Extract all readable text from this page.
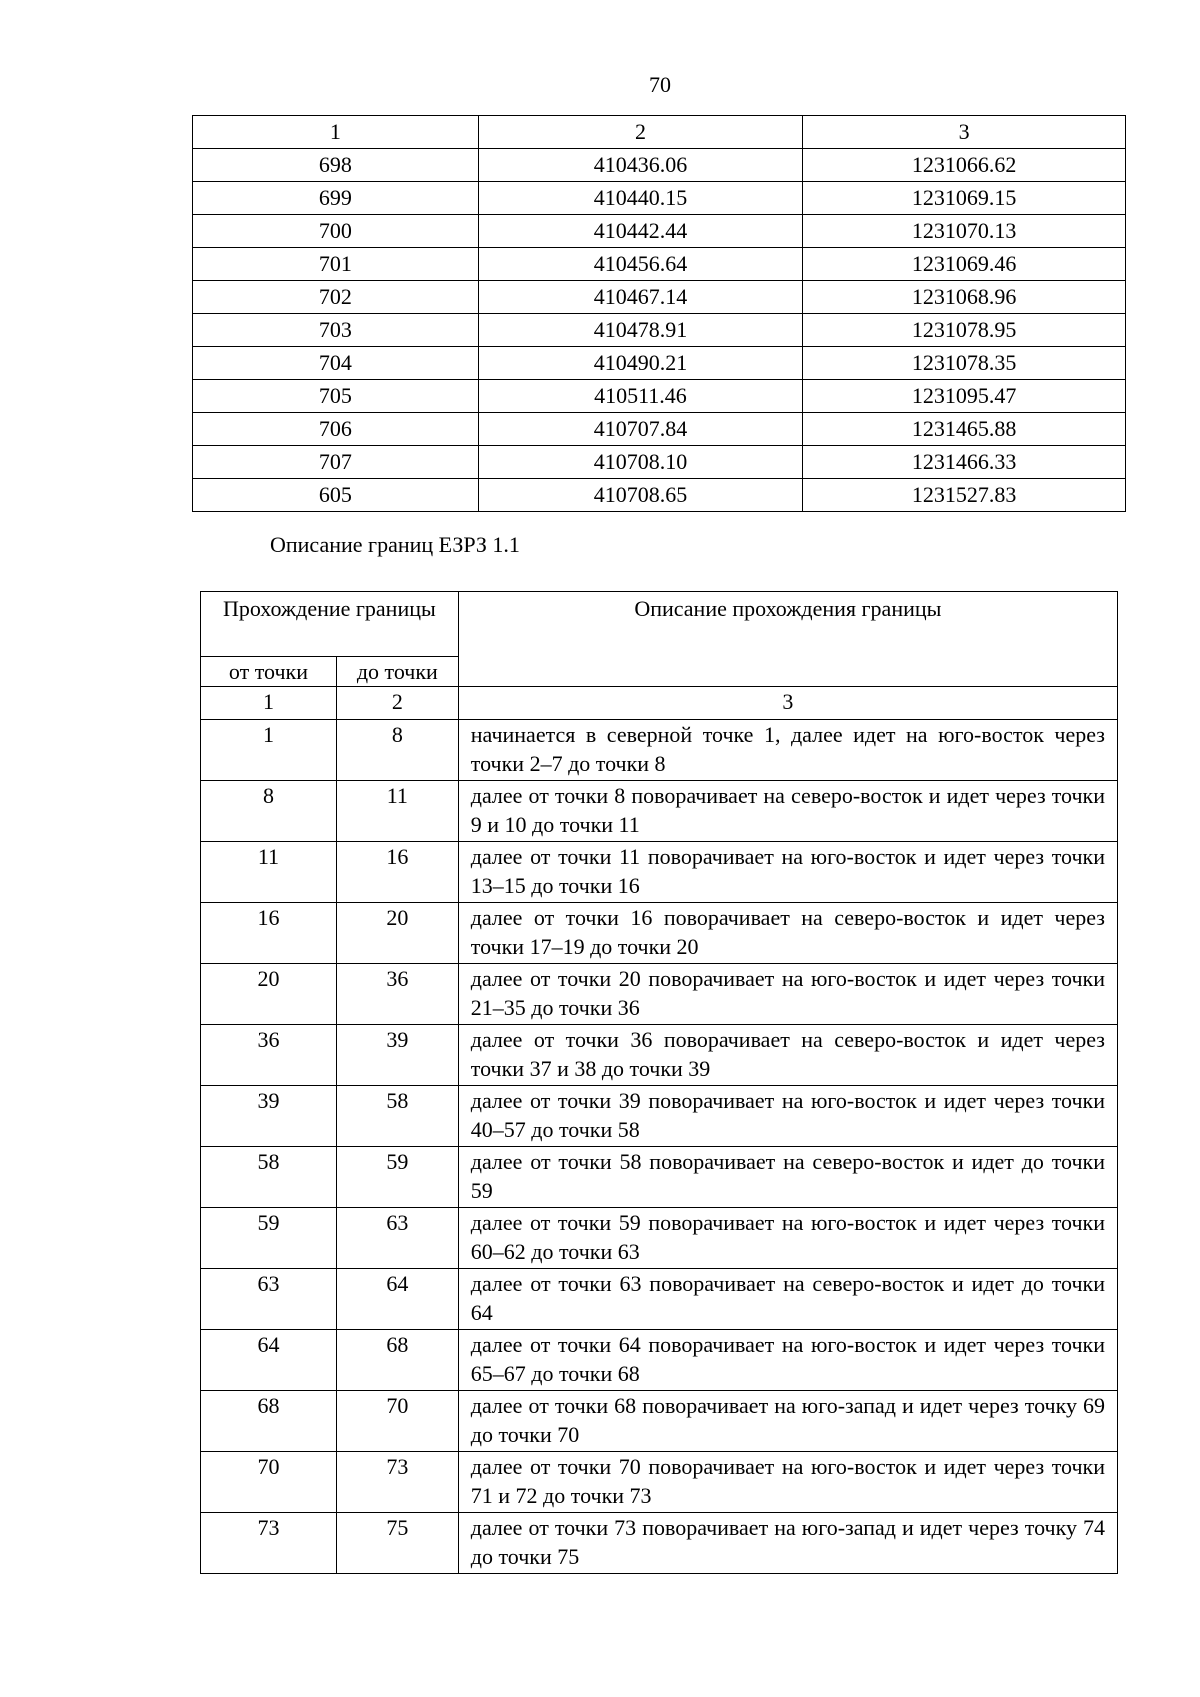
70
1	2	3
698	410436.06	1231066.62
699	410440.15	1231069.15
700	410442.44	1231070.13
701	410456.64	1231069.46
702	410467.14	1231068.96
703	410478.91	1231078.95
704	410490.21	1231078.35
705	410511.46	1231095.47
706	410707.84	1231465.88
707	410708.10	1231466.33
605	410708.65	1231527.83
Описание границ ЕЗРЗ 1.1
Прохождение границы		Описание прохождения границы
от точки	до точки	
1	2	3
1	8	начинается в северной точке 1, далее идет на юго-восток через точки 2–7 до точки 8
8	11	далее от точки 8 поворачивает на северо-восток и идет через точки 9 и 10 до точки 11
11	16	далее от точки 11 поворачивает на юго-восток и идет через точки 13–15 до точки 16
16	20	далее от точки 16 поворачивает на северо-восток и идет через точки 17–19 до точки 20
20	36	далее от точки 20 поворачивает на юго-восток и идет через точки 21–35 до точки 36
36	39	далее от точки 36 поворачивает на северо-восток и идет через точки 37 и 38 до точки 39
39	58	далее от точки 39 поворачивает на юго-восток и идет через точки 40–57 до точки 58
58	59	далее от точки 58 поворачивает на северо-восток и идет до точки 59
59	63	далее от точки 59 поворачивает на юго-восток и идет через точки 60–62 до точки 63
63	64	далее от точки 63 поворачивает на северо-восток и идет до точки 64
64	68	далее от точки 64 поворачивает на юго-восток и идет через точки 65–67 до точки 68
68	70	далее от точки 68 поворачивает на юго-запад и идет через точку 69 до точки 70
70	73	далее от точки 70 поворачивает на юго-восток и идет через точки 71 и 72 до точки 73
73	75	далее от точки 73 поворачивает на юго-запад и идет через точку 74 до точки 75
